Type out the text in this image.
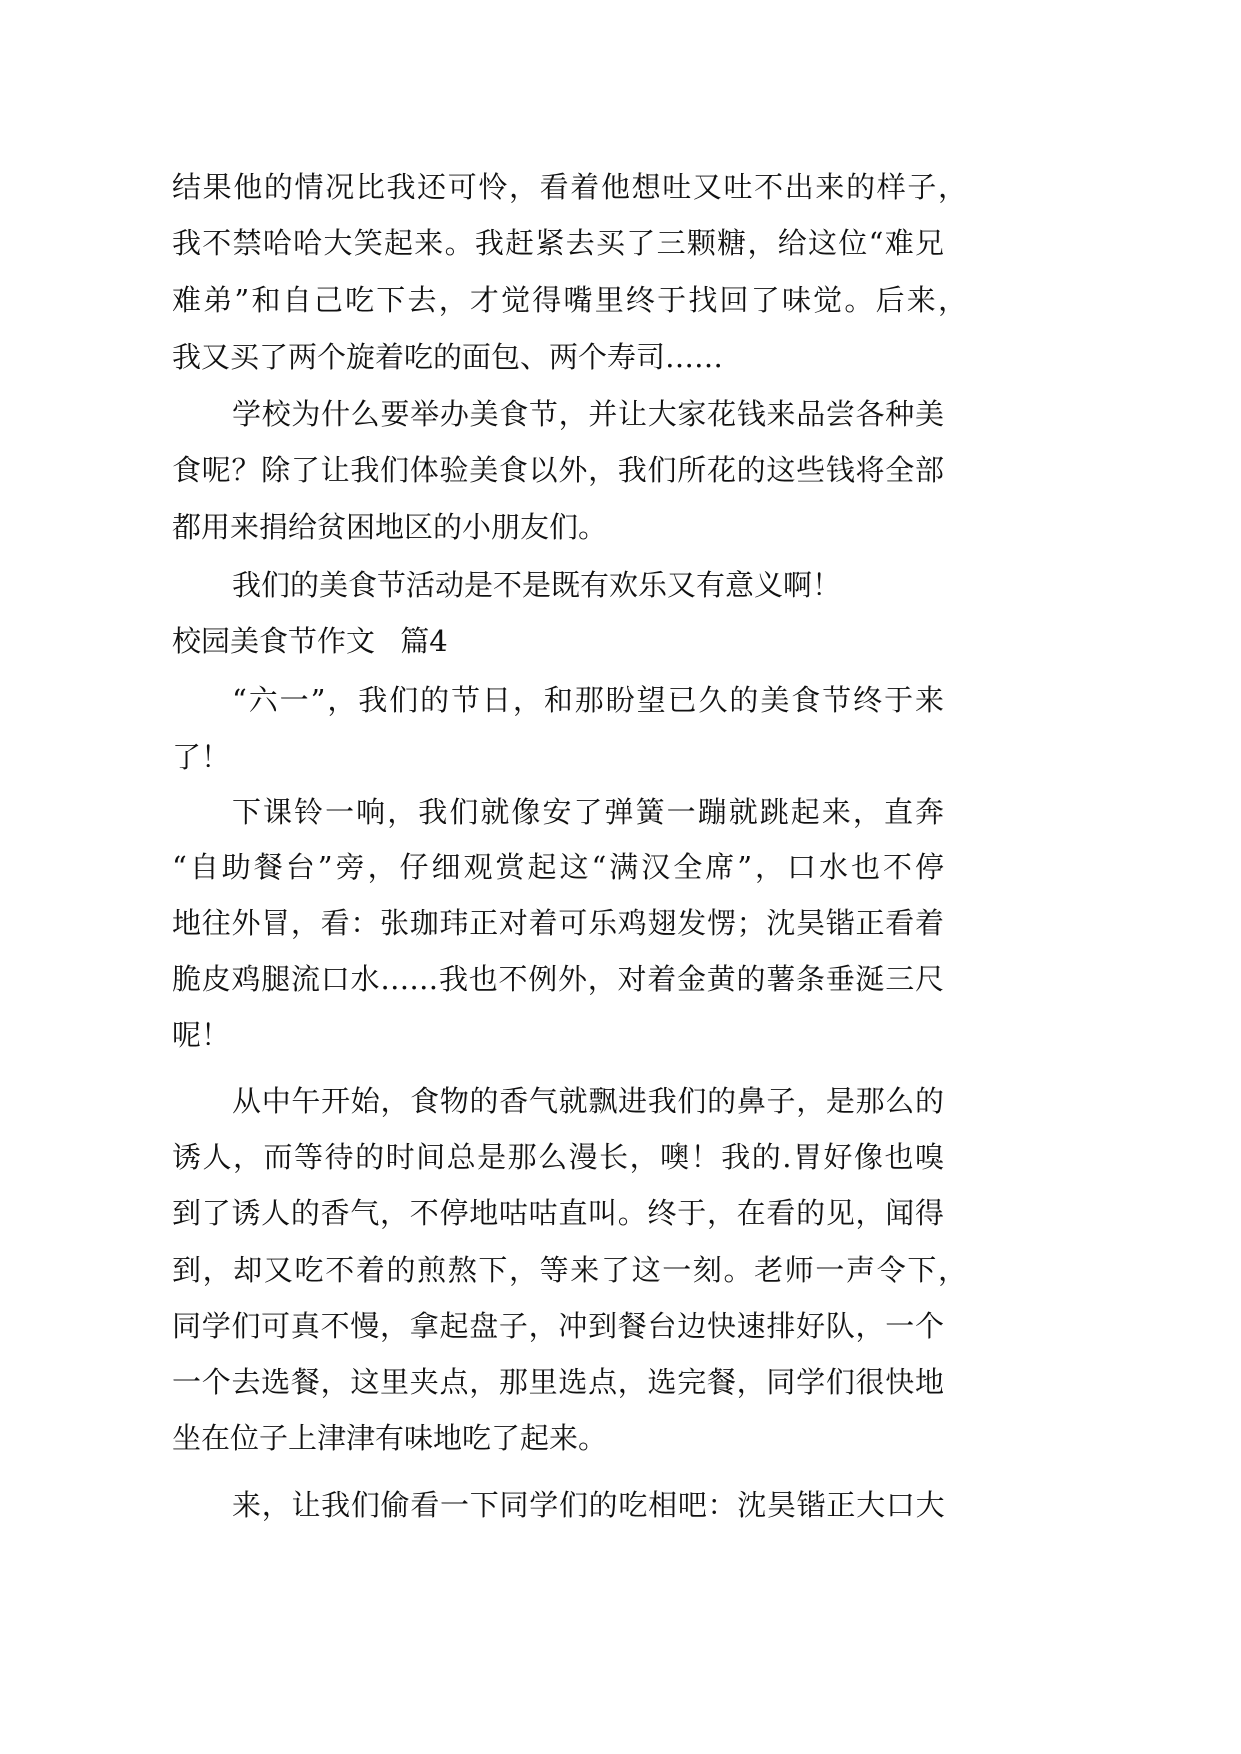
结果他的情况比我还可怜，看着他想吐又吐不出来的样子，
我不禁哈哈大笑起来。我赶紧去买了三颗糖，给这位“难兄
难弟”和自己吃下去，才觉得嘴里终于找回了味觉。后来，
我又买了两个旋着吃的面包、两个寿司……
学校为什么要举办美食节，并让大家花钱来品尝各种美
食呢？除了让我们体验美食以外，我们所花的这些钱将全部
都用来捐给贫困地区的小朋友们。
我们的美食节活动是不是既有欢乐又有意义啊！
校园美食节作文 篇4
“六一”，我们的节日，和那盼望已久的美食节终于来
了！
下课铃一响，我们就像安了弹簧一蹦就跳起来，直奔
“自助餐台”旁，仔细观赏起这“满汉全席”，口水也不停
地往外冒，看：张珈玮正对着可乐鸡翅发愣；沈昊锴正看着
脆皮鸡腿流口水……我也不例外，对着金黄的薯条垂涎三尺
呢！
从中午开始，食物的香气就飘进我们的鼻子，是那么的
诱人，而等待的时间总是那么漫长，噢！我的.胃好像也嗅
到了诱人的香气，不停地咕咕直叫。终于，在看的见，闻得
到，却又吃不着的煎熬下，等来了这一刻。老师一声令下，
同学们可真不慢，拿起盘子，冲到餐台边快速排好队，一个
一个去选餐，这里夹点，那里选点，选完餐，同学们很快地
坐在位子上津津有味地吃了起来。
来，让我们偷看一下同学们的吃相吧：沈昊锴正大口大
